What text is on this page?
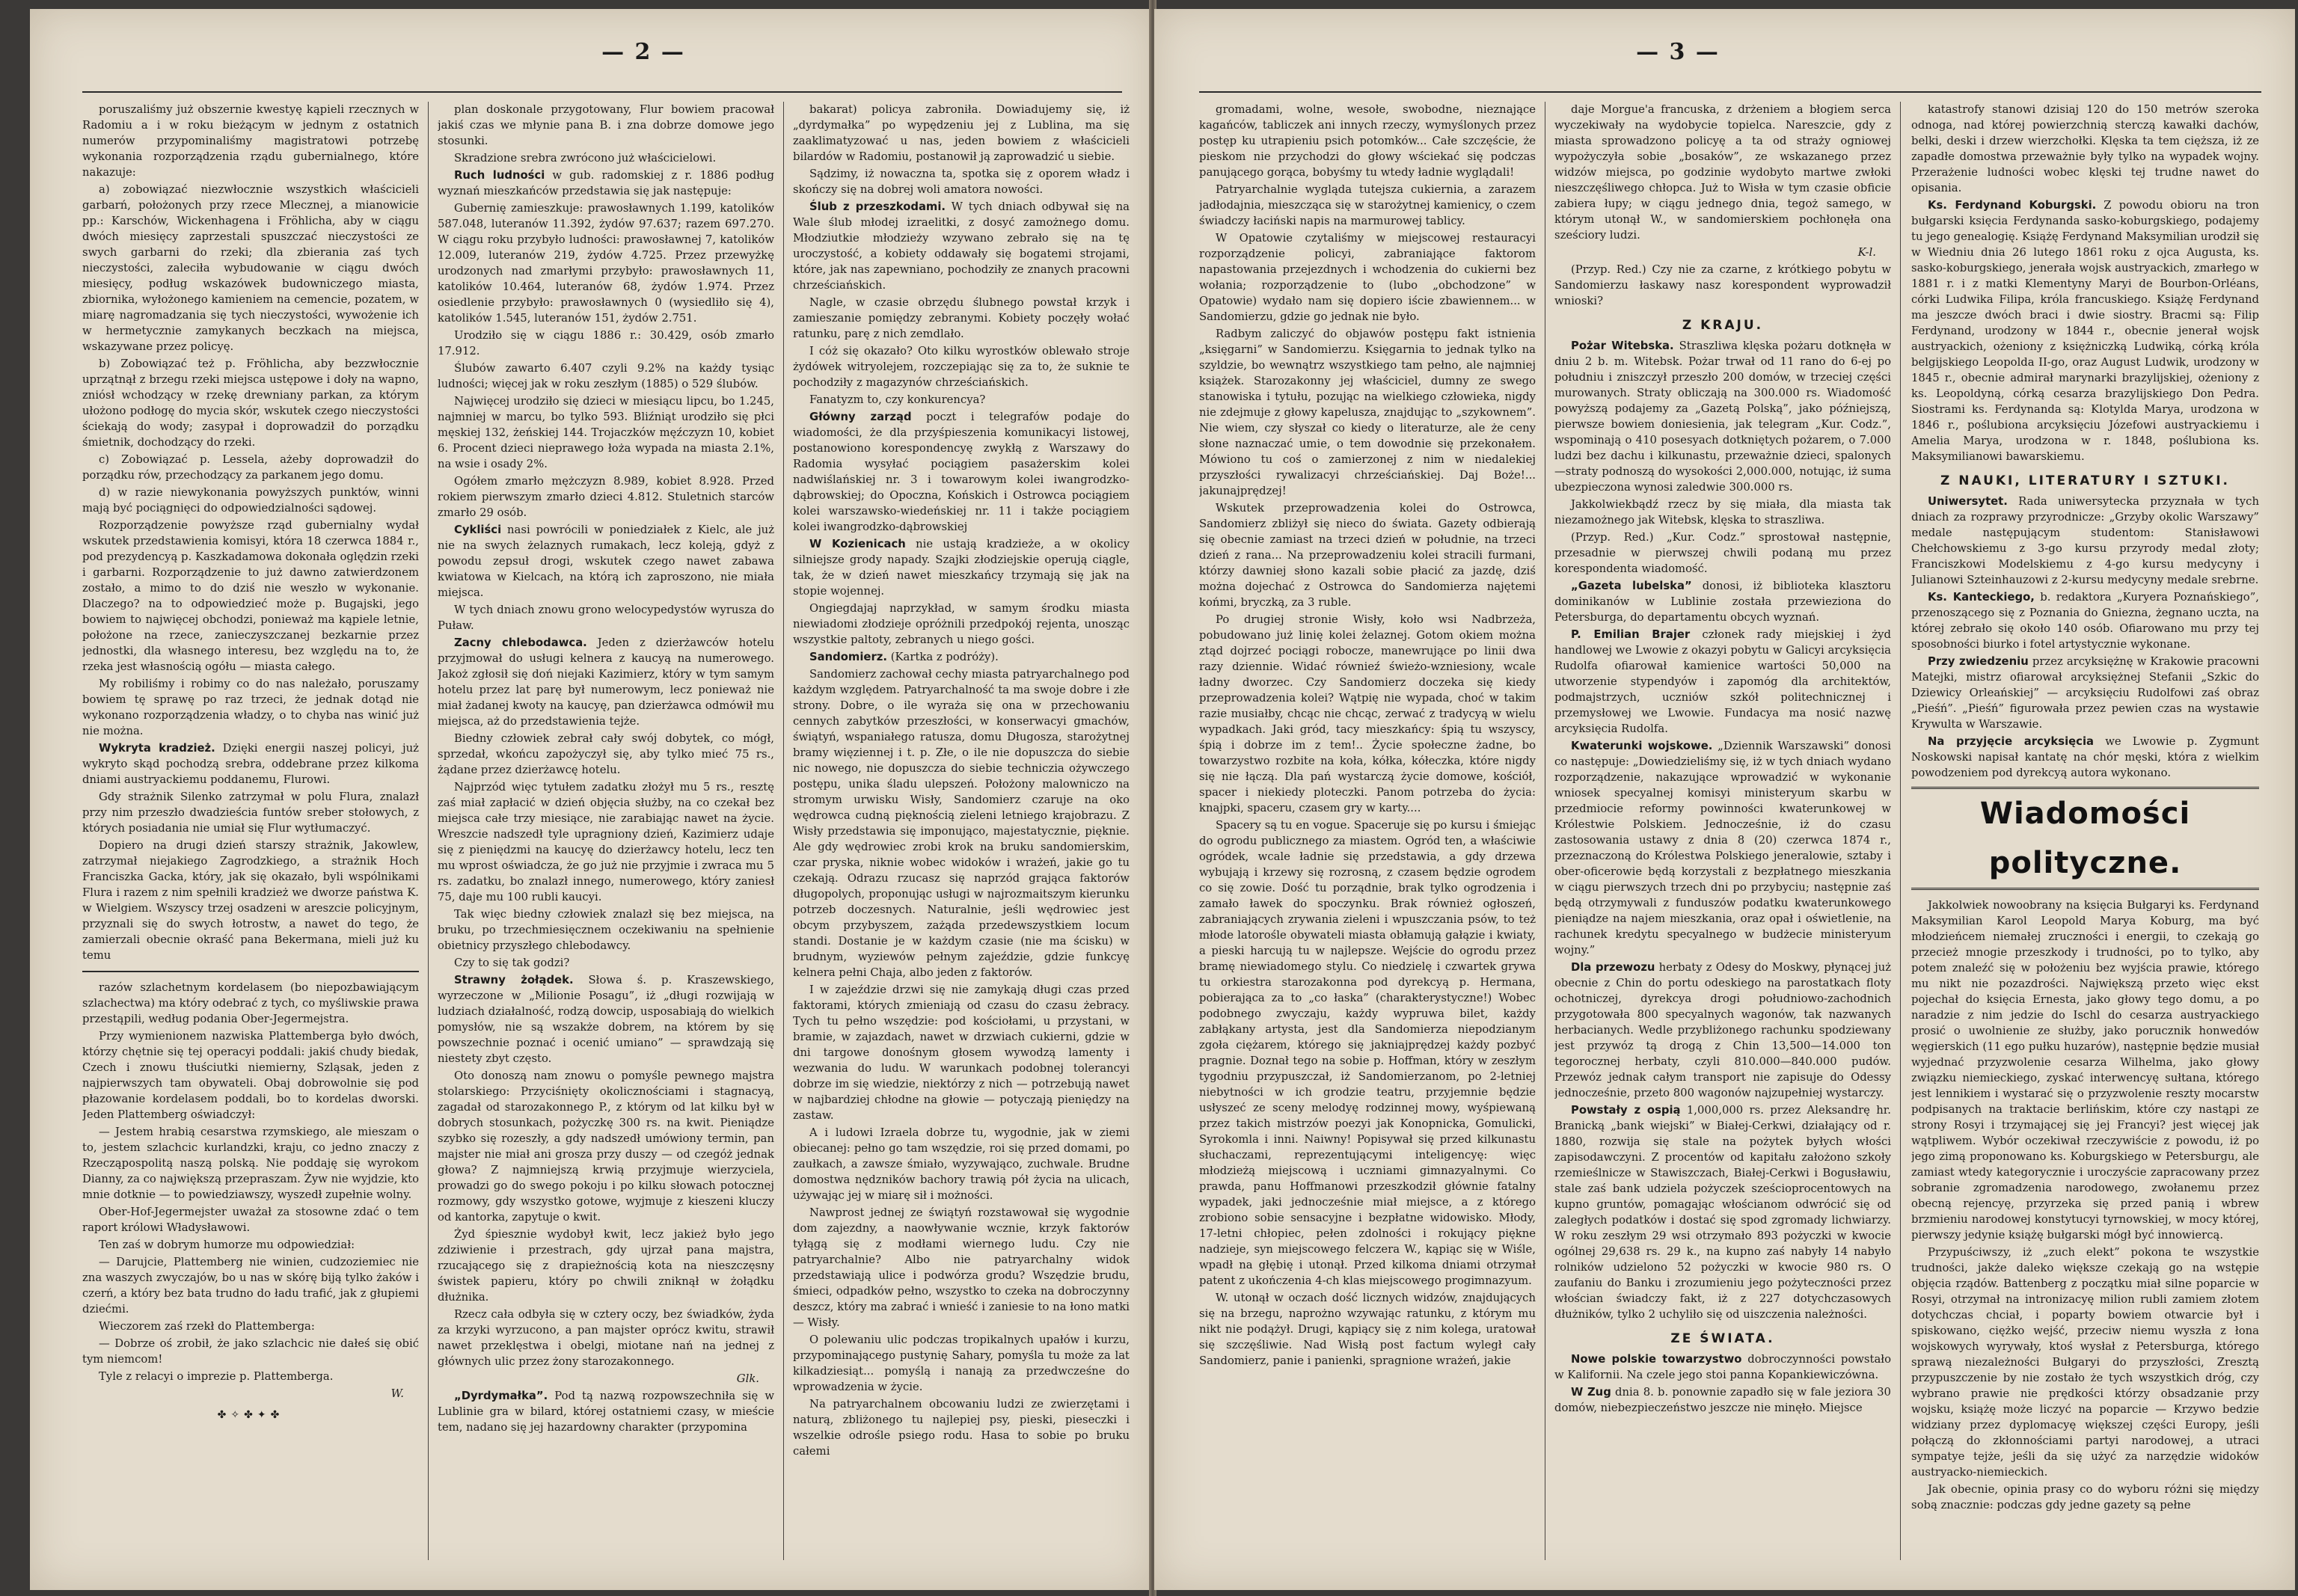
— 2 —

poruszaliśmy już obszernie kwestyę kąpieli rzecznych w Radomiu a i w roku bieżącym w jednym z ostatnich numerów przypominaliśmy magistratowi potrzebę wykonania rozporządzenia rządu gubernialnego, które nakazuje:

a) zobowiązać niezwłocznie wszystkich właścicieli garbarń, położonych przy rzece Mlecznej, a mianowicie pp.: Karschów, Wickenhagena i Fröhlicha, aby w ciągu dwóch miesięcy zaprzestali spuszczać nieczystości ze swych garbarni do rzeki; dla zbierania zaś tych nieczystości, zaleciła wybudowanie w ciągu dwóch miesięcy, podług wskazówek budowniczego miasta, zbiornika, wyłożonego kamieniem na cemencie, pozatem, w miarę nagromadzania się tych nieczystości, wywożenie ich w hermetycznie zamykanych beczkach na miejsca, wskazywane przez policyę.

b) Zobowiązać też p. Fröhlicha, aby bezzwłocznie uprzątnął z brzegu rzeki miejsca ustępowe i doły na wapno, zniósł wchodzący w rzekę drewniany parkan, za którym ułożono podłogę do mycia skór, wskutek czego nieczystości ściekają do wody; zasypał i doprowadził do porządku śmietnik, dochodzący do rzeki.

c) Zobowiązać p. Lessela, ażeby doprowadził do porządku rów, przechodzący za parkanem jego domu.

d) w razie niewykonania powyższych punktów, winni mają być pociągnięci do odpowiedzialności sądowej.

Rozporządzenie powyższe rząd gubernialny wydał wskutek przedstawienia komisyi, która 18 czerwca 1884 r., pod prezydencyą p. Kaszkadamowa dokonała oględzin rzeki i garbarni. Rozporządzenie to już dawno zatwierdzonem zostało, a mimo to do dziś nie weszło w wykonanie. Dlaczego? na to odpowiedzieć może p. Bugajski, jego bowiem to najwięcej obchodzi, ponieważ ma kąpiele letnie, położone na rzece, zanieczyszczanej bezkarnie przez jednostki, dla własnego interesu, bez względu na to, że rzeka jest własnością ogółu — miasta całego.

My robiliśmy i robimy co do nas należało, poruszamy bowiem tę sprawę po raz trzeci, że jednak dotąd nie wykonano rozporządzenia władzy, o to chyba nas winić już nie można.

Wykryta kradzież. Dzięki energii naszej policyi, już wykryto skąd pochodzą srebra, oddebrane przez kilkoma dniami austryackiemu poddanemu, Flurowi.

Gdy strażnik Silenko zatrzymał w polu Flura, znalazł przy nim przeszło dwadzieścia funtów sreber stołowych, z których posiadania nie umiał się Flur wytłumaczyć.

Dopiero na drugi dzień starszy strażnik, Jakowlew, zatrzymał niejakiego Zagrodzkiego, a strażnik Hoch Franciszka Gacka, który, jak się okazało, byli wspólnikami Flura i razem z nim spełnili kradzież we dworze państwa K. w Wielgiem. Wszyscy trzej osadzeni w areszcie policyjnym, przyznali się do swych łotrostw, a nawet do tego, że zamierzali obecnie okraść pana Bekermana, mieli już ku temu

razów szlachetnym kordelasem (bo niepozbawiającym szlachectwa) ma który odebrać z tych, co myśliwskie prawa przestąpili, według podania Ober-Jegermejstra.

Przy wymienionem nazwiska Plattemberga było dwóch, którzy chętnie się tej operacyi poddali: jakiś chudy biedak, Czech i znowu tłuściutki niemierny, Szląsak, jeden z najpierwszych tam obywateli. Obaj dobrowolnie się pod płazowanie kordelasem poddali, bo to kordelas dworski. Jeden Plattemberg oświadczył:

— Jestem hrabią cesarstwa rzymskiego, ale mieszam o to, jestem szlachcic kurlandzki, kraju, co jedno znaczy z Rzecząpospolitą naszą polską. Nie poddaję się wyrokom Dianny, za co największą przepraszam. Żyw nie wyjdzie, kto mnie dotknie — to powiedziawszy, wyszedł zupełnie wolny.

Ober-Hof-Jegermejster uważał za stosowne zdać o tem raport królowi Władysławowi.

Ten zaś w dobrym humorze mu odpowiedział:

— Darujcie, Plattemberg nie winien, cudzoziemiec nie zna waszych zwyczajów, bo u nas w skórę biją tylko żaków i czerń, a który bez bata trudno do ładu trafić, jak z głupiemi dziećmi.

Wieczorem zaś rzekł do Plattemberga:

— Dobrze oś zrobił, że jako szlachcic nie dałeś się obić tym niemcom!

Tyle z relacyi o imprezie p. Plattemberga.

W.

✤✧✤✦✤

plan doskonale przygotowany, Flur bowiem pracował jakiś czas we młynie pana B. i zna dobrze domowe jego stosunki.

Skradzione srebra zwrócono już właścicielowi.

Ruch ludności w gub. radomskiej z r. 1886 podług wyznań mieszkańców przedstawia się jak następuje:

Gubernię zamieszkuje: prawosławnych 1.199, katolików 587.048, luteranów 11.392, żydów 97.637; razem 697.270. W ciągu roku przybyło ludności: prawosławnej 7, katolików 12.009, luteranów 219, żydów 4.725. Przez przewyżkę urodzonych nad zmarłymi przybyło: prawosławnych 11, katolików 10.464, luteranów 68, żydów 1.974. Przez osiedlenie przybyło: prawosławnych 0 (wysiedliło się 4), katolików 1.545, luteranów 151, żydów 2.751.

Urodziło się w ciągu 1886 r.: 30.429, osób zmarło 17.912.

Ślubów zawarto 6.407 czyli 9.2% na każdy tysiąc ludności; więcej jak w roku zeszłym (1885) o 529 ślubów.

Najwięcej urodziło się dzieci w miesiącu lipcu, bo 1.245, najmniej w marcu, bo tylko 593. Bliźniąt urodziło się płci męskiej 132, żeńskiej 144. Trojaczków męźczyzn 10, kobiet 6. Procent dzieci nieprawego łoża wypada na miasta 2.1%, na wsie i osady 2%.

Ogółem zmarło mężczyzn 8.989, kobiet 8.928. Przed rokiem pierwszym zmarło dzieci 4.812. Stuletnich starców zmarło 29 osób.

Cykliści nasi powrócili w poniedziałek z Kielc, ale już nie na swych żelaznych rumakach, lecz koleją, gdyż z powodu zepsuł drogi, wskutek czego nawet zabawa kwiatowa w Kielcach, na którą ich zaproszono, nie miała miejsca.

W tych dniach znowu grono welocypedystów wyrusza do Puław.

Zacny chlebodawca. Jeden z dzierżawców hotelu przyjmował do usługi kelnera z kaucyą na numerowego. Jakoż zgłosił się doń niejaki Kazimierz, który w tym samym hotelu przez lat parę był numerowym, lecz ponieważ nie miał żadanej kwoty na kaucyę, pan dzierżawca odmówił mu miejsca, aż do przedstawienia tejże.

Biedny człowiek zebrał cały swój dobytek, co mógł, sprzedał, wkońcu zapożyczył się, aby tylko mieć 75 rs., żądane przez dzierżawcę hotelu.

Najprzód więc tytułem zadatku złożył mu 5 rs., resztę zaś miał zapłacić w dzień objęcia służby, na co czekał bez miejsca całe trzy miesiące, nie zarabiając nawet na życie. Wreszcie nadszedł tyle upragniony dzień, Kazimierz udaje się z pieniędzmi na kaucyę do dzierżawcy hotelu, lecz ten mu wprost oświadcza, że go już nie przyjmie i zwraca mu 5 rs. zadatku, bo znalazł innego, numerowego, który zaniesł 75, daje mu 100 rubli kaucyi.

Tak więc biedny człowiek znalazł się bez miejsca, na bruku, po trzechmiesięcznem oczekiwaniu na spełnienie obietnicy przyszłego chlebodawcy.

Czy to się tak godzi?

Strawny żołądek. Słowa ś. p. Kraszewskiego, wyrzeczone w „Milionie Posagu”, iż „długi rozwijają w ludziach działalność, rodzą dowcip, usposabiają do wielkich pomysłów, nie są wszakże dobrem, na którem by się powszechnie poznać i ocenić umiano” — sprawdzają się niestety zbyt często.

Oto donoszą nam znowu o pomyśle pewnego majstra stolarskiego: Przyciśnięty okolicznościami i stagnacyą, zagadał od starozakonnego P., z którym od lat kilku był w dobrych stosunkach, pożyczkę 300 rs. na kwit. Pieniądze szybko się rozeszły, a gdy nadszedł umówiony termin, pan majster nie miał ani grosza przy duszy — od czegóż jednak głowa? Z najmniejszą krwią przyjmuje wierzyciela, prowadzi go do swego pokoju i po kilku słowach potocznej rozmowy, gdy wszystko gotowe, wyjmuje z kieszeni kluczy od kantorka, zapytuje o kwit.

Żyd śpiesznie wydobył kwit, lecz jakież było jego zdziwienie i przestrach, gdy ujrzał pana majstra, rzucającego się z drapieżnością kota na nieszczęsny świstek papieru, który po chwili zniknął w żołądku dłużnika.

Rzecz cała odbyła się w cztery oczy, bez świadków, żyda za krzyki wyrzucono, a pan majster oprócz kwitu, strawił nawet przeklęstwa i obelgi, miotane nań na jednej z głównych ulic przez żony starozakonnego.

Glk.

„Dyrdymałka”. Pod tą nazwą rozpowszechniła się w Lublinie gra w bilard, której ostatniemi czasy, w mieście tem, nadano się jej hazardowny charakter (przypomina

bakarat) policya zabroniła. Dowiadujemy się, iż „dyrdymałka” po wypędzeniu jej z Lublina, ma się zaaklimatyzować u nas, jeden bowiem z właścicieli bilardów w Radomiu, postanowił ją zaprowadzić u siebie.

Sądzimy, iż nowaczna ta, spotka się z oporem władz i skończy się na dobrej woli amatora nowości.

Ślub z przeszkodami. W tych dniach odbywał się na Wale ślub młodej izraelitki, z dosyć zamożnego domu. Młodziutkie młodzieży wzywano zebrało się na tę uroczystość, a kobiety oddawały się bogatemi strojami, które, jak nas zapewniano, pochodziły ze znanych pracowni chrześciańskich.

Nagle, w czasie obrzędu ślubnego powstał krzyk i zamieszanie pomiędzy zebranymi. Kobiety poczęły wołać ratunku, parę z nich zemdlało.

I cóż się okazało? Oto kilku wyrostków oblewało stroje żydówek witryolejem, rozczepiając się za to, że suknie te pochodziły z magazynów chrześciańskich.

Fanatyzm to, czy konkurencya?

Główny zarząd poczt i telegrafów podaje do wiadomości, że dla przyśpieszenia komunikacyi listowej, postanowiono korespondencyę zwykłą z Warszawy do Radomia wysyłać pociągiem pasażerskim kolei nadwiślańskiej nr. 3 i towarowym kolei iwangrodzko-dąbrowskiej; do Opoczna, Końskich i Ostrowca pociągiem kolei warszawsko-wiedeńskiej nr. 11 i także pociągiem kolei iwangrodzko-dąbrowskiej

W Kozienicach nie ustają kradzieże, a w okolicy silniejsze grody napady. Szajki złodziejskie operują ciągle, tak, że w dzień nawet mieszkańcy trzymają się jak na stopie wojennej.

Ongiegdajaj naprzykład, w samym środku miasta niewiadomi złodzieje opróżnili przedpokój rejenta, unosząc wszystkie paltoty, zebranych u niego gości.

Sandomierz. (Kartka z podróży).

Sandomierz zachował cechy miasta patryarchalnego pod każdym względem. Patryarchalność ta ma swoje dobre i złe strony. Dobre, o ile wyraża się ona w przechowaniu cennych zabytków przeszłości, w konserwacyi gmachów, świątyń, wspaniałego ratusza, domu Długosza, starożytnej bramy więziennej i t. p. Złe, o ile nie dopuszcza do siebie nic nowego, nie dopuszcza do siebie techniczia ożywczego postępu, unika śladu ulepszeń. Położony malowniczo na stromym urwisku Wisły, Sandomierz czaruje na oko wędrowca cudną pięknością zieleni letniego krajobrazu. Z Wisły przedstawia się imponująco, majestatycznie, pięknie. Ale gdy wędrowiec zrobi krok na bruku sandomierskim, czar pryska, niknie wobec widoków i wrażeń, jakie go tu czekają. Odrazu rzucasz się naprzód grająca faktorów długopolych, proponując usługi w najrozmaitszym kierunku potrzeb doczesnych. Naturalnie, jeśli wędrowiec jest obcym przybyszem, zażąda przedewszystkiem locum standi. Dostanie je w każdym czasie (nie ma ścisku) w brudnym, wyziewów pełnym zajeździe, gdzie funkcyę kelnera pełni Chaja, albo jeden z faktorów.

I w zajeździe drzwi się nie zamykają długi czas przed faktorami, których zmieniają od czasu do czasu żebracy. Tych tu pełno wszędzie: pod kościołami, u przystani, w bramie, w zajazdach, nawet w drzwiach cukierni, gdzie w dni targowe donośnym głosem wywodzą lamenty i wezwania do ludu. W warunkach podobnej tolerancyi dobrze im się wiedzie, niektórzy z nich — potrzebują nawet w najbardziej chłodne na głowie — potyczają pieniędzy na zastaw.

A i ludowi Izraela dobrze tu, wygodnie, jak w ziemi obiecanej: pełno go tam wszędzie, roi się przed domami, po zaułkach, a zawsze śmiało, wyzywająco, zuchwale. Brudne domostwa nędzników bachory trawią pół życia na ulicach, używając jej w miarę sił i możności.

Nawprost jednej ze świątyń rozstawował się wygodnie dom zajezdny, a naowływanie wcznie, krzyk faktorów tyłągą się z modłami wiernego ludu. Czy nie patryarchalnie? Albo nie patryarchalny widok przedstawiają ulice i podwórza grodu? Wszędzie brudu, śmieci, odpadków pełno, wszystko to czeka na dobroczynny deszcz, który ma zabrać i wnieść i zaniesie to na łono matki — Wisły.

O polewaniu ulic podczas tropikalnych upałów i kurzu, przypominającego pustynię Sahary, pomyśla tu może za lat kilkadziesiąt... pomyślą i nanają za przedwcześne do wprowadzenia w życie.

Na patryarchalnem obcowaniu ludzi ze zwierzętami i naturą, zbliżonego tu najlepiej psy, pieski, pieseczki i wszelkie odrośle psiego rodu. Hasa to sobie po bruku całemi

— 3 —

gromadami, wolne, wesołe, swobodne, nieznające kagańców, tabliczek ani innych rzeczy, wymyślonych przez postęp ku utrapieniu psich potomków... Całe szczęście, że pieskom nie przychodzi do głowy wściekać się podczas panującego gorąca, bobyśmy tu wtedy ładnie wyglądali!

Patryarchalnie wygląda tutejsza cukiernia, a zarazem jadłodajnia, mieszcząca się w starożytnej kamienicy, o czem świadczy łaciński napis na marmurowej tablicy.

W Opatowie czytaliśmy w miejscowej restauracyi rozporządzenie policyi, zabraniające faktorom napastowania przejezdnych i wchodzenia do cukierni bez wołania; rozporządzenie to (lubo „obchodzone” w Opatowie) wydało nam się dopiero iście zbawiennem... w Sandomierzu, gdzie go jednak nie było.

Radbym zaliczyć do objawów postępu fakt istnienia „księgarni” w Sandomierzu. Księgarnia to jednak tylko na szyldzie, bo wewnątrz wszystkiego tam pełno, ale najmniej książek. Starozakonny jej właściciel, dumny ze swego stanowiska i tytułu, pozując na wielkiego człowieka, nigdy nie zdejmuje z głowy kapelusza, znajdując to „szykownem”. Nie wiem, czy słyszał co kiedy o literaturze, ale że ceny słone naznaczać umie, o tem dowodnie się przekonałem. Mówiono tu coś o zamierzonej z nim w niedalekiej przyszłości rywalizacyi chrześciańskiej. Daj Boże!... jakunajprędzej!

Wskutek przeprowadzenia kolei do Ostrowca, Sandomierz zbliżył się nieco do świata. Gazety odbierają się obecnie zamiast na trzeci dzień w południe, na trzeci dzień z rana... Na przeprowadzeniu kolei stracili furmani, którzy dawniej słono kazali sobie płacić za jazdę, dziś można dojechać z Ostrowca do Sandomierza najętemi końmi, bryczką, za 3 ruble.

Po drugiej stronie Wisły, koło wsi Nadbrzeża, pobudowano już linię kolei żelaznej. Gotom okiem można ztąd dojrzeć pociągi robocze, manewrujące po linii dwa razy dziennie. Widać równieź świeżo-wzniesiony, wcale ładny dworzec. Czy Sandomierz doczeka się kiedy przeprowadzenia kolei? Wątpię nie wypada, choć w takim razie musiałby, chcąc nie chcąc, zerwać z tradycyą w wielu wypadkach. Jaki gród, tacy mieszkańcy: śpią tu wszyscy, śpią i dobrze im z tem!.. Życie społeczne żadne, bo towarzystwo rozbite na koła, kółka, kółeczka, które nigdy się nie łączą. Dla pań wystarczą życie domowe, kościół, spacer i niekiedy ploteczki. Panom potrzeba do życia: knajpki, spaceru, czasem gry w karty....

Spacery są tu en vogue. Spaceruje się po kursu i śmiejąc do ogrodu publicznego za miastem. Ogród ten, a właściwie ogródek, wcale ładnie się przedstawia, a gdy drzewa wybujają i krzewy się rozrosną, z czasem będzie ogrodem co się zowie. Dość tu porządnie, brak tylko ogrodzenia i zamało ławek do spoczynku. Brak również ogłoszeń, zabraniających zrywania zieleni i wpuszczania psów, to też młode latorośle obywateli miasta obłamują gałązie i kwiaty, a pieski harcują tu w najlepsze. Wejście do ogrodu przez bramę niewiadomego stylu. Co niedzielę i czwartek grywa tu orkiestra starozakonna pod dyrekcyą p. Hermana, pobierająca za to „co łaska” (charakterystyczne!) Wobec podobnego zwyczaju, każdy wypruwa bilet, każdy zabłąkany artysta, jest dla Sandomierza niepodzianym zgoła ciężarem, którego się jakniajprędzej każdy pozbyć pragnie. Doznał tego na sobie p. Hoffman, który w zeszłym tygodniu przypuszczał, iż Sandomierzanom, po 2-letniej niebytności w ich grodzie teatru, przyjemnie będzie usłyszeć ze sceny melodyę rodzinnej mowy, wyśpiewaną przez takich mistrzów poezyi jak Konopnicka, Gomulicki, Syrokomla i inni. Naiwny! Popisywał się przed kilkunastu słuchaczami, reprezentującymi inteligencyę: więc młodzieżą miejscową i uczniami gimnazyalnymi. Co prawda, panu Hoffmanowi przeszkodził głównie fatalny wypadek, jaki jednocześnie miał miejsce, a z którego zrobiono sobie sensacyjne i bezpłatne widowisko. Młody, 17-letni chłopiec, pełen zdolności i rokujący piękne nadzieje, syn miejscowego felczera W., kąpiąc się w Wiśle, wpadł na głębię i utonął. Przed kilkoma dniami otrzymał patent z ukończenia 4-ch klas miejscowego progimnazyum.

W. utonął w oczach dość licznych widzów, znajdujących się na brzegu, naprożno wzywając ratunku, z którym mu nikt nie podążył. Drugi, kąpiący się z nim kolega, uratował się szczęśliwie. Nad Wisłą post factum wyległ cały Sandomierz, panie i panienki, spragnione wrażeń, jakie

daje Morgue'a francuska, z drżeniem a błogiem serca wyczekiwały na wydobycie topielca. Nareszcie, gdy z miasta sprowadzono policyę a ta od straży ogniowej wypożyczyła sobie „bosaków”, ze wskazanego przez widzów miejsca, po godzinie wydobyto martwe zwłoki nieszczęśliwego chłopca. Już to Wisła w tym czasie obficie zabiera łupy; w ciągu jednego dnia, tegoż samego, w którym utonął W., w sandomierskiem pochłonęła ona sześciory ludzi.

K-l.

(Przyp. Red.) Czy nie za czarne, z krótkiego pobytu w Sandomierzu łaskawy nasz korespondent wyprowadził wnioski?

Z KRAJU.

Pożar Witebska. Straszliwa klęska pożaru dotknęła w dniu 2 b. m. Witebsk. Pożar trwał od 11 rano do 6-ej po południu i zniszczył przeszło 200 domów, w trzeciej części murowanych. Straty obliczają na 300.000 rs. Wiadomość powyższą podajemy za „Gazetą Polską”, jako późniejszą, pierwsze bowiem doniesienia, jak telegram „Kur. Codz.”, wspominają o 410 posesyach dotkniętych pożarem, o 7.000 ludzi bez dachu i kilkunastu, przeważnie dzieci, spalonych—straty podnoszą do wysokości 2,000.000, notując, iż suma ubezpieczona wynosi zaledwie 300.000 rs.

Jakkolwiekbądź rzecz by się miała, dla miasta tak niezamożnego jak Witebsk, klęska to straszliwa.

(Przyp. Red.) „Kur. Codz.” sprostował następnie, przesadnie w pierwszej chwili podaną mu przez korespondenta wiadomość.

„Gazeta lubelska” donosi, iż biblioteka klasztoru dominikanów w Lublinie została przewieziona do Petersburga, do departamentu obcych wyznań.

P. Emilian Brajer członek rady miejskiej i żyd handlowej we Lwowie z okazyi pobytu w Galicyi arcyksięcia Rudolfa ofiarował kamienice wartości 50,000 na utworzenie stypendyów i zapomóg dla architektów, podmajstrzych, uczniów szkół politechnicznej i przemysłowej we Lwowie. Fundacya ma nosić nazwę arcyksięcia Rudolfa.

Kwaterunki wojskowe. „Dziennik Warszawski” donosi co następuje: „Dowiedzieliśmy się, iż w tych dniach wydano rozporządzenie, nakazujące wprowadzić w wykonanie wniosek specyalnej komisyi ministeryum skarbu w przedmiocie reformy powinności kwaterunkowej w Królestwie Polskiem. Jednocześnie, iż do czasu zastosowania ustawy z dnia 8 (20) czerwca 1874 r., przeznaczoną do Królestwa Polskiego jeneralowie, sztaby i ober-oficerowie będą korzystali z bezpłatnego mieszkania w ciągu pierwszych trzech dni po przybyciu; następnie zaś będą otrzymywali z funduszów podatku kwaterunkowego pieniądze na najem mieszkania, oraz opał i oświetlenie, na rachunek kredytu specyalnego w budżecie ministeryum wojny.”

Dla przewozu herbaty z Odesy do Moskwy, płynącej już obecnie z Chin do portu odeskiego na parostatkach floty ochotniczej, dyrekcya drogi południowo-zachodnich przygotowała 800 specyalnych wagonów, tak nazwanych herbacianych. Wedle przybliżonego rachunku spodziewany jest przywóz tą drogą z Chin 13,500—14.000 ton tegorocznej herbaty, czyli 810.000—840.000 pudów. Przewóz jednak całym transport nie zapisuje do Odessy jednocześnie, przeto 800 wagonów najzupełniej wystarczy.

Powstały z ospią 1,000,000 rs. przez Aleksandrę hr. Branicką „bank wiejski” w Białej-Cerkwi, działający od r. 1880, rozwija się stale na pożytek byłych włości zapisodawczyni. Z procentów od kapitału założono szkoły rzemieślnicze w Stawiszczach, Białej-Cerkwi i Bogusławiu, stale zaś bank udziela pożyczek sześcioprocentowych na kupno gruntów, pomagając włościanom odwrócić się od zaległych podatków i dostać się spod zgromady lichwiarzy. W roku zeszłym 29 wsi otrzymało 893 pożyczki w kwocie ogólnej 29,638 rs. 29 k., na kupno zaś nabyły 14 nabyło rolników udzielono 52 pożyczki w kwocie 980 rs. O zaufaniu do Banku i zrozumieniu jego pożyteczności przez włościan świadczy fakt, iż z 227 dotychczasowych dłużników, tylko 2 uchyliło się od uiszczenia należności.

ZE ŚWIATA.

Nowe polskie towarzystwo dobroczynności powstało w Kalifornii. Na czele jego stoi panna Kopankiewiczówna.

W Zug dnia 8. b. ponownie zapadło się w fale jeziora 30 domów, niebezpieczeństwo jeszcze nie minęło. Miejsce

katastrofy stanowi dzisiaj 120 do 150 metrów szeroka odnoga, nad której powierzchnią sterczą kawałki dachów, belki, deski i drzew wierzchołki. Klęska ta tem cięższa, iż ze zapadłe domostwa przeważnie były tylko na wypadek wojny. Przerażenie ludności wobec klęski tej trudne nawet do opisania.

Ks. Ferdynand Koburgski. Z powodu obioru na tron bułgarski księcia Ferdynanda sasko-koburgskiego, podajemy tu jego genealogię. Książę Ferdynand Maksymilian urodził się w Wiedniu dnia 26 lutego 1861 roku z ojca Augusta, ks. sasko-koburgskiego, jenerała wojsk austryackich, zmarłego w 1881 r. i z matki Klementyny Maryi de Bourbon-Orléans, córki Ludwika Filipa, króla francuskiego. Książę Ferdynand ma jeszcze dwóch braci i dwie siostry. Bracmi są: Filip Ferdynand, urodzony w 1844 r., obecnie jenerał wojsk austryackich, ożeniony z księżniczką Ludwiką, córką króla belgijskiego Leopolda II-go, oraz August Ludwik, urodzony w 1845 r., obecnie admirał marynarki brazylijskiej, ożeniony z ks. Leopoldyną, córką cesarza brazylijskiego Don Pedra. Siostrami ks. Ferdynanda są: Klotylda Marya, urodzona w 1846 r., poślubiona arcyksięciu Józefowi austryackiemu i Amelia Marya, urodzona w r. 1848, poślubiona ks. Maksymilianowi bawarskiemu.

Z NAUKI, LITERATURY I SZTUKI.

Uniwersytet. Rada uniwersytecka przyznała w tych dniach za rozprawy przyrodnicze: „Grzyby okolic Warszawy” medale następującym studentom: Stanisławowi Chełchowskiemu z 3-go kursu przyrody medal złoty; Franciszkowi Modelskiemu z 4-go kursu medycyny i Julianowi Szteinhauzowi z 2-kursu medycyny medale srebrne.

Ks. Kanteckiego, b. redaktora „Kuryera Poznańskiego”, przenoszącego się z Poznania do Gniezna, żegnano uczta, na której zebrało się około 140 osób. Ofiarowano mu przy tej sposobności biurko i fotel artystycznie wykonane.

Przy zwiedzeniu przez arcyksiężnę w Krakowie pracowni Matejki, mistrz ofiarował arcyksiężnej Stefanii „Szkic do Dziewicy Orleańskiej” — arcyksięciu Rudolfowi zaś obraz „Pieśń”. „Pieśń” figurowała przez pewien czas na wystawie Krywulta w Warszawie.

Na przyjęcie arcyksięcia we Lwowie p. Zygmunt Noskowski napisał kantatę na chór męski, która z wielkim powodzeniem pod dyrekcyą autora wykonano.

Wiadomości polityczne.

Jakkolwiek nowoobrany na księcia Bułgaryi ks. Ferdynand Maksymilian Karol Leopold Marya Koburg, ma być młodzieńcem niemałej zruczności i energii, to czekają go przecież mnogie przeszkody i trudności, po to tylko, aby potem znaleźć się w położeniu bez wyjścia prawie, którego mu nikt nie pozazdrości. Największą przeto więc ekst pojechał do księcia Ernesta, jako głowy tego domu, a po naradzie z nim jedzie do Ischl do cesarza austryackiego prosić o uwolnienie ze służby, jako porucznik honwedów węgierskich (11 ego pułku huzarów), następnie będzie musiał wyjednać przyzwolenie cesarza Wilhelma, jako głowy związku niemieckiego, zyskać interwencyę sułtana, którego jest lennikiem i wystarać się o przyzwolenie reszty mocarstw podpisanych na traktacie berlińskim, które czy nastąpi ze strony Rosyi i trzymającej się jej Francyi? jest więcej jak wątpliwem. Wybór oczekiwał rzeczywiście z powodu, iż po jego zimą proponowano ks. Koburgskiego w Petersburgu, ale zamiast wtedy kategorycznie i uroczyście zapracowany przez sobranie zgromadzenia narodowego, zwołanemu przez obecną rejencyę, przyrzeka się przed panią i wbrew brzmieniu narodowej konstytucyi tyrnowskiej, w mocy której, pierwszy jedynie książę bułgarski mógł być innowiercą.

Przypuściwszy, iż „zuch elekt” pokona te wszystkie trudności, jakże daleko większe czekają go na wstępie objęcia rządów. Battenberg z początku miał silne poparcie w Rosyi, otrzymał na intronizacyę milion rubli zamiem złotem dotychczas chciał, i poparty bowiem otwarcie był i spiskowano, ciężko wejść, przeciw niemu wyszła z łona wojskowych wyrywały, ktoś wysłał z Petersburga, którego sprawą niezależności Bułgaryi do przyszłości, Zresztą przypuszczenie by nie zostało że tych wszystkich dróg, czy wybrano prawie nie prędkości którzy obsadzanie przy wojsku, książę może liczyć na poparcie — Krzywo bedzie widziany przez dyplomacyę większej części Europy, jeśli połączą do zkłonnościami partyi narodowej, a utraci sympatye tejże, jeśli da się użyć za narzędzie widoków austryacko-niemieckich.

Jak obecnie, opinia prasy co do wyboru różni się między sobą znacznie: podczas gdy jedne gazety są pełne
